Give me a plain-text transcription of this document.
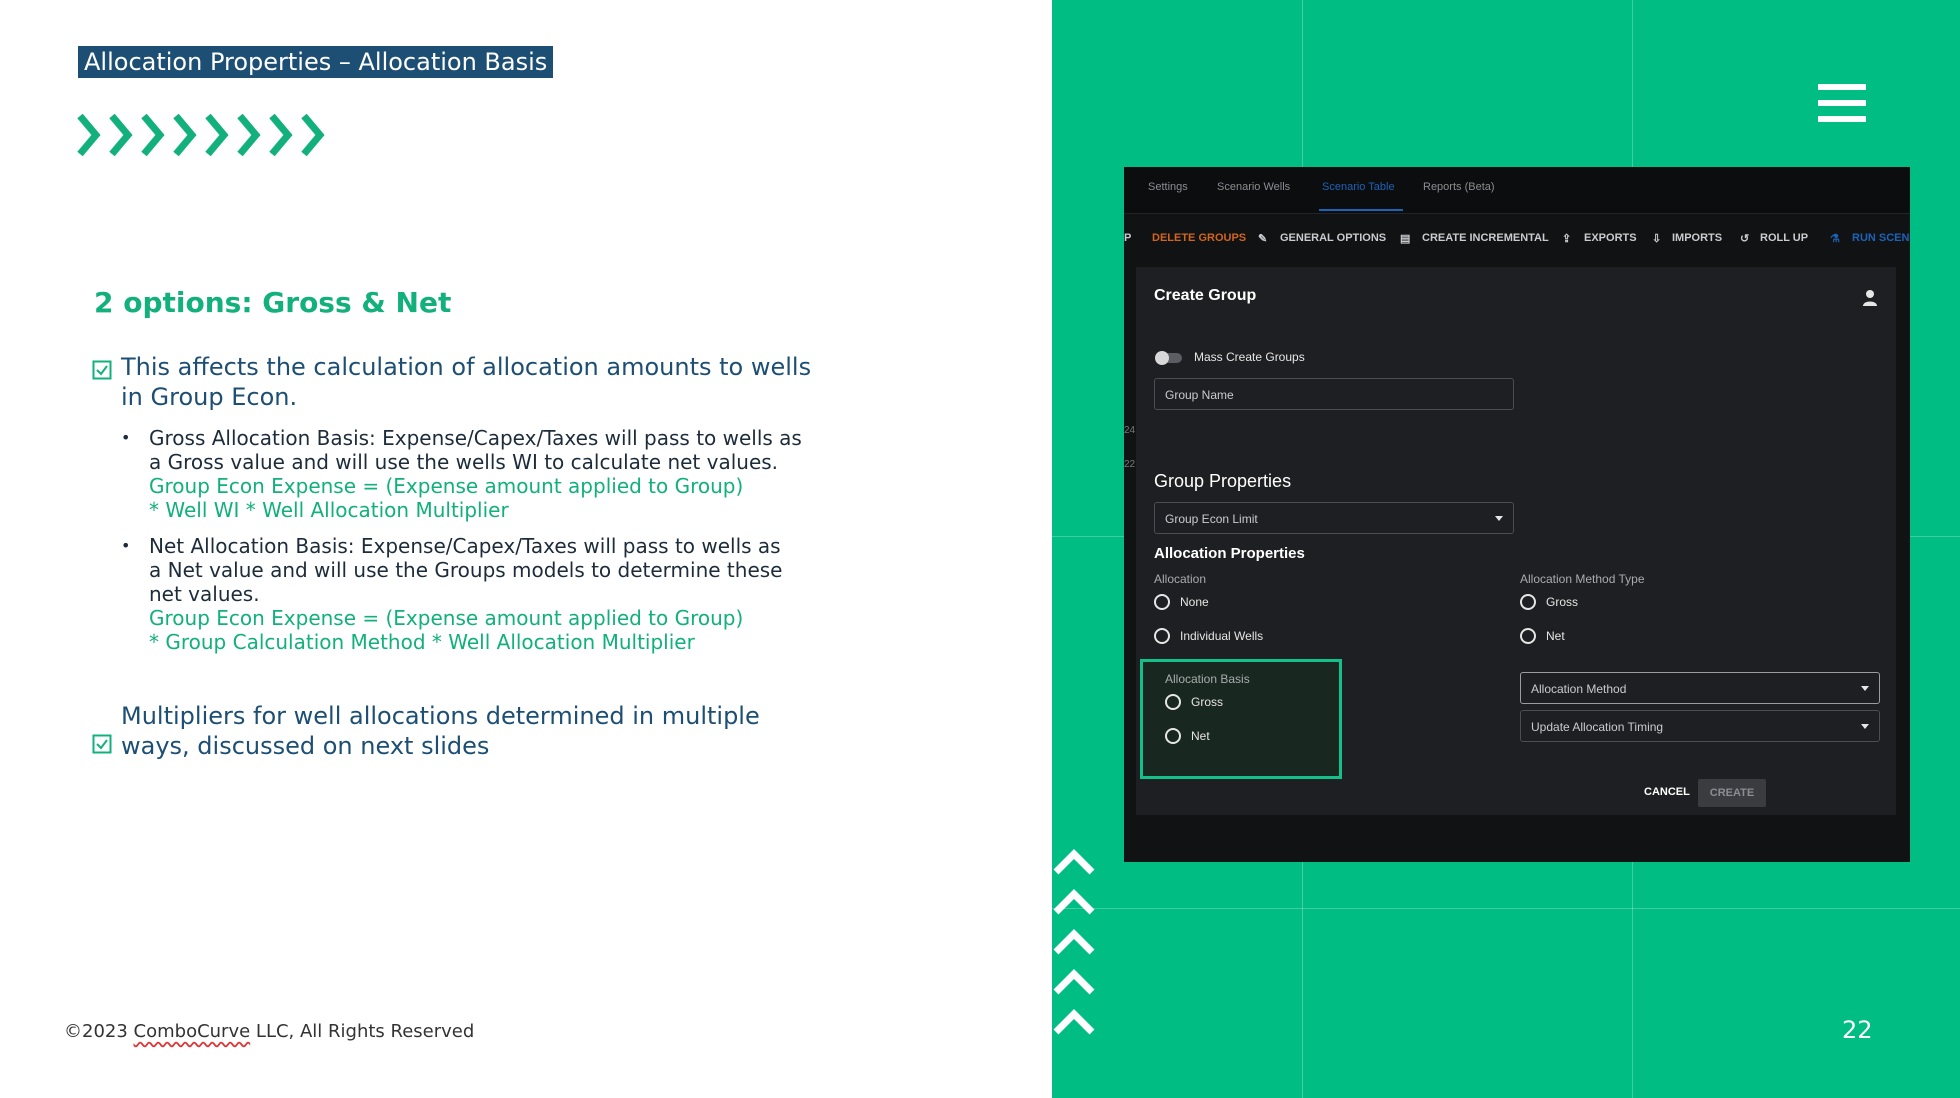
Allocation Properties – Allocation Basis
2 options: Gross & Net
This affects the calculation of allocation amounts to wells
in Group Econ.
• Gross Allocation Basis: Expense/Capex/Taxes will pass to wells as
a Gross value and will use the wells WI to calculate net values.
Group Econ Expense = (Expense amount applied to Group)
* Well WI * Well Allocation Multiplier
• Net Allocation Basis: Expense/Capex/Taxes will pass to wells as
a Net value and will use the Groups models to determine these
net values.
Group Econ Expense = (Expense amount applied to Group)
* Group Calculation Method * Well Allocation Multiplier
Multipliers for well allocations determined in multiple
ways, discussed on next slides
©2023 ComboCurve LLC, All Rights Reserved	22
Settings	Scenario Wells	Scenario Table	Reports (Beta)
P DELETE GROUPS ✎ GENERAL OPTIONS ▤ CREATE INCREMENTAL ⇪ EXPORTS ⇩ IMPORTS ↺ ROLL UP ⚗ RUN SCEN
24
22
Create Group
Mass Create Groups
Group Name
Group Properties
Group Econ Limit
Allocation Properties
Allocation
None
Individual Wells
Allocation Method Type
Gross
Net
Allocation Basis
Gross
Net
Allocation Method
Update Allocation Timing
CANCEL	CREATE
